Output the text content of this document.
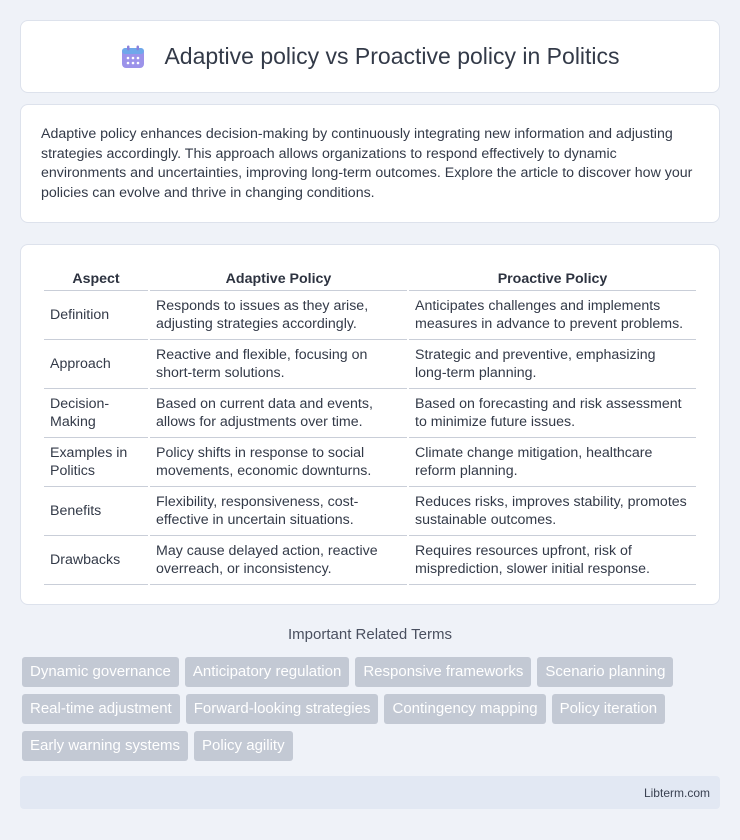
Adaptive policy vs Proactive policy in Politics

Adaptive policy enhances decision-making by continuously integrating new information and adjusting strategies accordingly. This approach allows organizations to respond effectively to dynamic environments and uncertainties, improving long-term outcomes. Explore the article to discover how your policies can evolve and thrive in changing conditions.

Aspect	Adaptive Policy	Proactive Policy
Definition	Responds to issues as they arise, adjusting strategies accordingly.	Anticipates challenges and implements measures in advance to prevent problems.
Approach	Reactive and flexible, focusing on short-term solutions.	Strategic and preventive, emphasizing long-term planning.
Decision-Making	Based on current data and events, allows for adjustments over time.	Based on forecasting and risk assessment to minimize future issues.
Examples in Politics	Policy shifts in response to social movements, economic downturns.	Climate change mitigation, healthcare reform planning.
Benefits	Flexibility, responsiveness, cost-effective in uncertain situations.	Reduces risks, improves stability, promotes sustainable outcomes.
Drawbacks	May cause delayed action, reactive overreach, or inconsistency.	Requires resources upfront, risk of misprediction, slower initial response.
Important Related Terms
Dynamic governance	Anticipatory regulation	Responsive frameworks	Scenario planning
Real-time adjustment	Forward-looking strategies	Contingency mapping	Policy iteration
Early warning systems	Policy agility
Libterm.com
